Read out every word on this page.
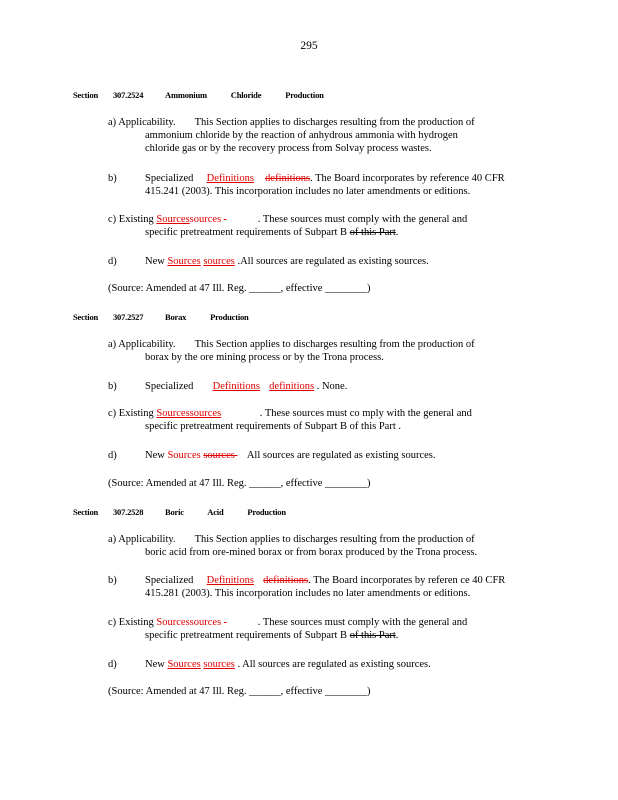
295
Section 307.2524	Ammonium Chloride Production
a) Applicability. This Section applies to discharges resulting from the production of
ammonium chloride by the reaction of anhydrous ammonia with hydrogen
chloride gas or by the recovery process from Solvay process wastes.
b)	Specialized Definitions definitions. The Board incorporates by reference 40 CFR
415.241 (2003). This incorporation includes no later amendments or editions.
c) Existing Sourcessources	. These sources must comply with the general and
specific pretreatment requirements of Subpart B of this Part.
d)	New Sources sources .All sources are regulated as existing sources.
(Source: Amended at 47 Ill. Reg. ______, effective ________)
Section 307.2527	Borax Production
a) Applicability. This Section applies to discharges resulting from the production of
borax by the ore mining process or by the Trona process.
b)	Specialized Definitions definitions . None.
c) Existing Sourcessources	. These sources must co mply with the general and
specific pretreatment requirements of Subpart B of this Part .
d)	New Sources sources All sources are regulated as existing sources.
(Source: Amended at 47 Ill. Reg. ______, effective ________)
Section 307.2528	Boric Acid Production
a) Applicability. This Section applies to discharges resulting from the production of
boric acid from ore-mined borax or from borax produced by the Trona process.
b)	Specialized Definitions definitions. The Board incorporates by referen ce 40 CFR
415.281 (2003). This incorporation includes no later amendments or editions.
c) Existing Sourcessources	. These sources must comply with the general and
specific pretreatment requirements of Subpart B of this Part.
d)	New Sources sources . All sources are regulated as existing sources.
(Source: Amended at 47 Ill. Reg. ______, effective ________)
